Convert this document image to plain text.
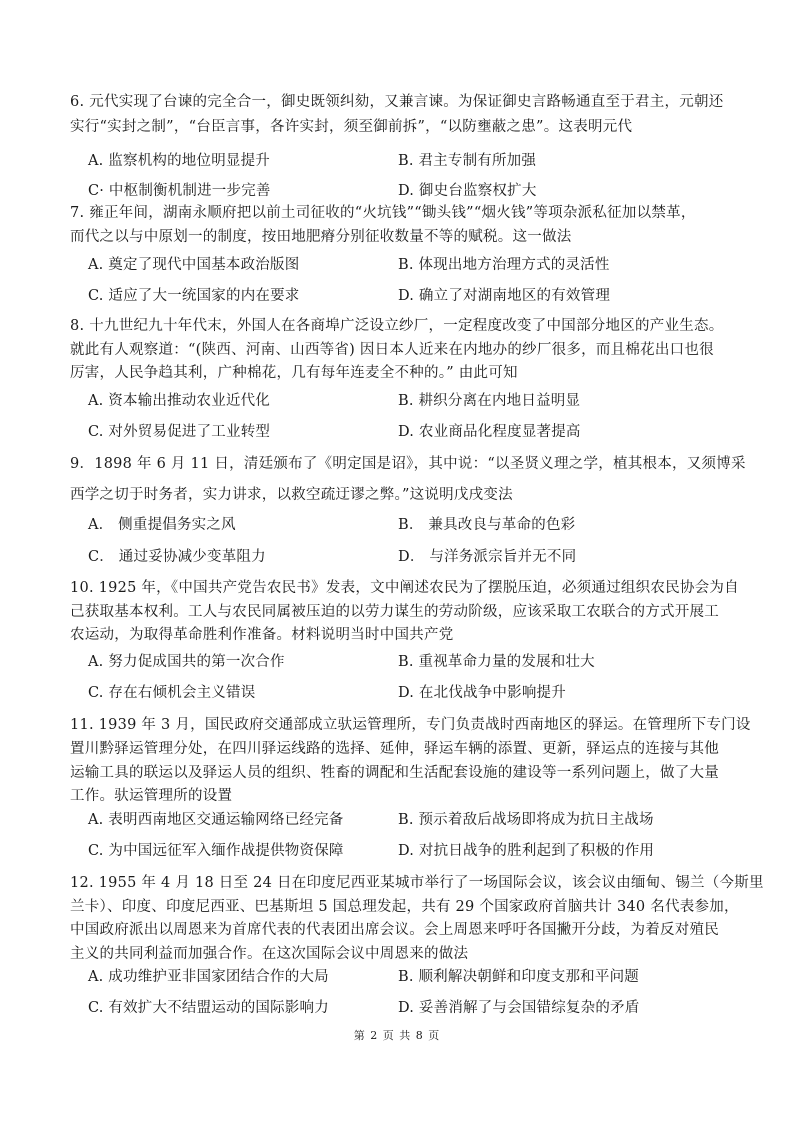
6. 元代实现了台谏的完全合一，御史既领纠劾，又兼言谏。为保证御史言路畅通直至于君主，元朝还
实行“实封之制”，“台臣言事，各许实封，须至御前拆”，“以防壅蔽之患”。这表明元代
A. 监察机构的地位明显提升	B. 君主专制有所加强
C· 中枢制衡机制进一步完善	D. 御史台监察权扩大
7. 雍正年间，湖南永顺府把以前土司征收的“火坑钱”“锄头钱”“烟火钱”等项杂派私征加以禁革，
而代之以与中原划一的制度，按田地肥瘠分别征收数量不等的赋税。这一做法
A. 奠定了现代中国基本政治版图	B. 体现出地方治理方式的灵活性
C. 适应了大一统国家的内在要求	D. 确立了对湖南地区的有效管理
8. 十九世纪九十年代末，外国人在各商埠广泛设立纱厂，一定程度改变了中国部分地区的产业生态。
就此有人观察道：“(陕西、河南、山西等省) 因日本人近来在内地办的纱厂很多，而且棉花出口也很
厉害，人民争趋其利，广种棉花，几有每年连麦全不种的。” 由此可知
A. 资本输出推动农业近代化	B. 耕织分离在内地日益明显
C. 对外贸易促进了工业转型	D. 农业商品化程度显著提高
9．1898 年 6 月 11 日，清廷颁布了《明定国是诏》，其中说：“以圣贤义理之学，植其根本，又须博采
西学之切于时务者，实力讲求，以救空疏迂谬之弊。”这说明戊戌变法
A． 侧重提倡务实之风	B． 兼具改良与革命的色彩
C． 通过妥协减少变革阻力	D． 与洋务派宗旨并无不同
10. 1925 年，《中国共产党告农民书》发表，文中阐述农民为了摆脱压迫，必须通过组织农民协会为自
己获取基本权利。工人与农民同属被压迫的以劳力谋生的劳动阶级，应该采取工农联合的方式开展工
农运动，为取得革命胜利作准备。材料说明当时中国共产党
A. 努力促成国共的第一次合作	B. 重视革命力量的发展和壮大
C. 存在右倾机会主义错误	D. 在北伐战争中影响提升
11. 1939 年 3 月，国民政府交通部成立驮运管理所，专门负责战时西南地区的驿运。在管理所下专门设
置川黔驿运管理分处，在四川驿运线路的选择、延伸，驿运车辆的添置、更新，驿运点的连接与其他
运输工具的联运以及驿运人员的组织、牲畜的调配和生活配套设施的建设等一系列问题上，做了大量
工作。驮运管理所的设置
A. 表明西南地区交通运输网络已经完备	B. 预示着敌后战场即将成为抗日主战场
C. 为中国远征军入缅作战提供物资保障	D. 对抗日战争的胜利起到了积极的作用
12. 1955 年 4 月 18 日至 24 日在印度尼西亚某城市举行了一场国际会议，该会议由缅甸、锡兰（今斯里
兰卡）、印度、印度尼西亚、巴基斯坦 5 国总理发起，共有 29 个国家政府首脑共计 340 名代表参加，
中国政府派出以周恩来为首席代表的代表团出席会议。会上周恩来呼吁各国撇开分歧，为着反对殖民
主义的共同利益而加强合作。在这次国际会议中周恩来的做法
A. 成功维护亚非国家团结合作的大局	B. 顺利解决朝鲜和印度支那和平问题
C. 有效扩大不结盟运动的国际影响力	D. 妥善消解了与会国错综复杂的矛盾
第 2 页 共 8 页
